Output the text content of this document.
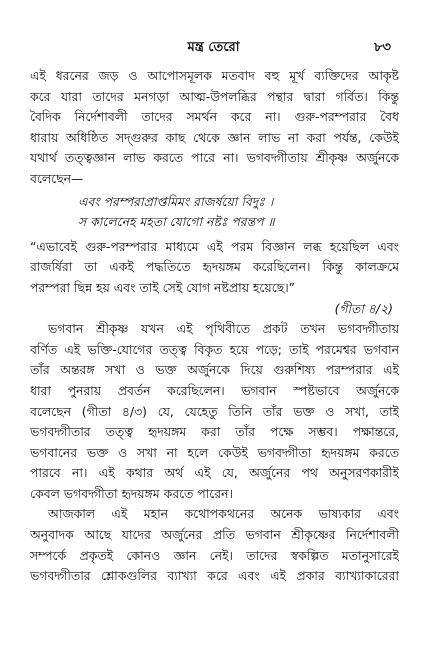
মন্ত্র তেরো	৮৩
এই ধরনের জড় ও আপোসমূলক মতবাদ বহু মূর্খ ব্যক্তিদের আকৃষ্ট
করে যারা তাদের মনগড়া আত্ম-উপলব্ধির পন্থার দ্বারা গর্বিত। কিন্তু
বৈদিক নির্দেশাবলী তাদের সমর্থন করে না। গুরু-পরম্পরার বৈধ
ধারায় অধিষ্ঠিত সদ্গুরুর কাছ থেকে জ্ঞান লাভ না করা পর্যন্ত, কেউই
যথার্থ তত্ত্বজ্ঞান লাভ করতে পারে না। ভগবদ্গীতায় শ্রীকৃষ্ণ অর্জুনকে
বলেছেন—
এবং পরম্পরাপ্রাপ্তমিমং রাজর্ষয়ো বিদুঃ ।
স কালেনেহ মহতা যোগো নষ্টঃ পরন্তপ ॥
“এভাবেই গুরু-পরম্পরার মাধ্যমে এই পরম বিজ্ঞান লব্ধ হয়েছিল এবং
রাজর্ষিরা তা একই পদ্ধতিতে হৃদয়ঙ্গম করেছিলেন। কিন্তু কালক্রমে
পরম্পরা ছিন্ন হয় এবং তাই সেই যোগ নষ্টপ্রায় হয়েছে।”
(গীতা ৪/২)
ভগবান শ্রীকৃষ্ণ যখন এই পৃথিবীতে প্রকট তখন ভগবদ্গীতায়
বর্ণিত এই ভক্তি-যোগের তত্ত্ব বিকৃত হয়ে পড়ে; তাই পরমেশ্বর ভগবান
তাঁর অন্তরঙ্গ সখা ও ভক্ত অর্জুনকে দিয়ে গুরুশিষ্য পরম্পরার এই
ধারা পুনরায় প্রবর্তন করেছিলেন। ভগবান স্পষ্টভাবে অর্জুনকে
বলেছেন (গীতা ৪/৩) যে, যেহেতু তিনি তাঁর ভক্ত ও সখা, তাই
ভগবদ্গীতার তত্ত্ব হৃদয়ঙ্গম করা তাঁর পক্ষে সম্ভব। পক্ষান্তরে,
ভগবানের ভক্ত ও সখা না হলে কেউই ভগবদ্গীতা হৃদয়ঙ্গম করতে
পারবে না। এই কথার অর্থ এই যে, অর্জুনের পথ অনুসরণকারীই
কেবল ভগবদ্গীতা হৃদয়ঙ্গম করতে পারেন।
আজকাল এই মহান কথোপকথনের অনেক ভাষ্যকার এবং
অনুবাদক আছে যাদের অর্জুনের প্রতি ভগবান শ্রীকৃষ্ণের নির্দেশাবলী
সম্পর্কে প্রকৃতই কোনও জ্ঞান নেই। তাদের স্বকল্পিত মতানুসারেই
ভগবদ্গীতার শ্লোকগুলির ব্যাখ্যা করে এবং এই প্রকার ব্যাখ্যাকারেরা
